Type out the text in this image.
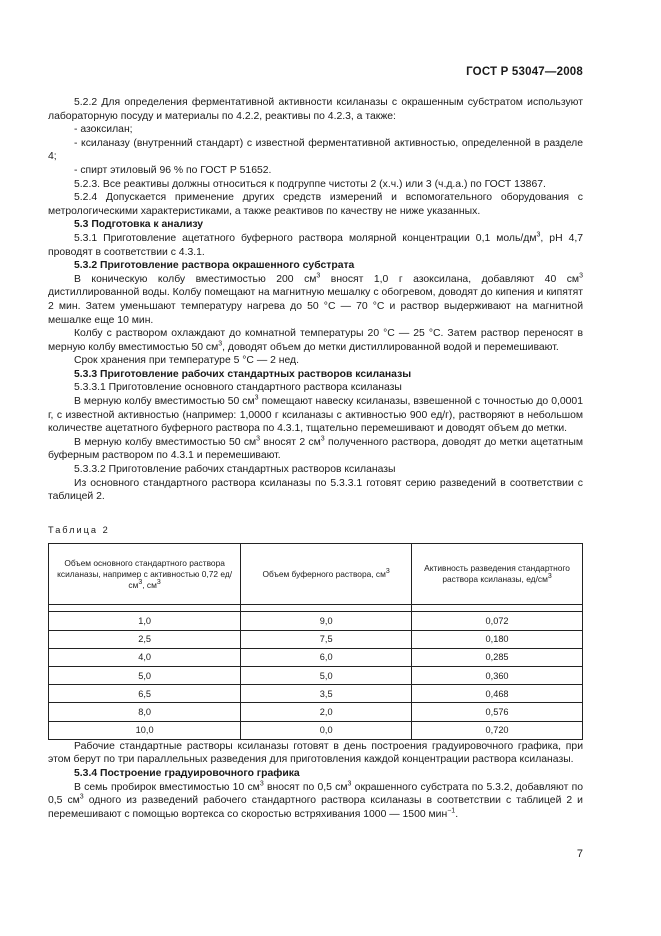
ГОСТ Р 53047—2008

5.2.2 Для определения ферментативной активности ксиланазы с окрашенным субстратом используют лабораторную посуду и материалы по 4.2.2, реактивы по 4.2.3, а также:

- азоксилан;

- ксиланазу (внутренний стандарт) с известной ферментативной активностью, определенной в разделе 4;

- спирт этиловый 96 % по ГОСТ Р 51652.

5.2.3. Все реактивы должны относиться к подгруппе чистоты 2 (х.ч.) или 3 (ч.д.а.) по ГОСТ 13867.

5.2.4 Допускается применение других средств измерений и вспомогательного оборудования с метрологическими характеристиками, а также реактивов по качеству не ниже указанных.

5.3 Подготовка к анализу

5.3.1 Приготовление ацетатного буферного раствора молярной концентрации 0,1 моль/$дм^3$, pH 4,7 проводят в соответствии с 4.3.1.

5.3.2 Приготовление раствора окрашенного субстрата

В коническую колбу вместимостью 200 $см^3$ вносят 1,0 г азоксилана, добавляют 40 $см^3$ дистиллированной воды. Колбу помещают на магнитную мешалку с обогревом, доводят до кипения и кипятят 2 мин. Затем уменьшают температуру нагрева до 50 °С — 70 °С и раствор выдерживают на магнитной мешалке еще 10 мин.

Колбу с раствором охлаждают до комнатной температуры 20 °С — 25 °С. Затем раствор переносят в мерную колбу вместимостью 50 $см^3$, доводят объем до метки дистиллированной водой и перемешивают.

Срок хранения при температуре 5 °С — 2 нед.

5.3.3 Приготовление рабочих стандартных растворов ксиланазы

5.3.3.1 Приготовление основного стандартного раствора ксиланазы

В мерную колбу вместимостью 50 $см^3$ помещают навеску ксиланазы, взвешенной с точностью до 0,0001 г, с известной активностью (например: 1,0000 г ксиланазы с активностью 900 ед/г), растворяют в небольшом количестве ацетатного буферного раствора по 4.3.1, тщательно перемешивают и доводят объем до метки.

В мерную колбу вместимостью 50 $см^3$ вносят 2 $см^3$ полученного раствора, доводят до метки ацетатным буферным раствором по 4.3.1 и перемешивают.

5.3.3.2 Приготовление рабочих стандартных растворов ксиланазы

Из основного стандартного раствора ксиланазы по 5.3.3.1 готовят серию разведений в соответствии с таблицей 2.

Таблица 2
Объем основного стандартного раствора ксиланазы, например с активностью 0,72 $ед/см^3$, $см^3$	Объем буферного раствора, $см^3$	Активность разведения стандартного раствора ксиланазы, $ед/см^3$

1,0	9,0	0,072
2,5	7,5	0,180
4,0	6,0	0,285
5,0	5,0	0,360
6,5	3,5	0,468
8,0	2,0	0,576
10,0	0,0	0,720

Рабочие стандартные растворы ксиланазы готовят в день построения градуировочного графика, при этом берут по три параллельных разведения для приготовления каждой концентрации раствора ксиланазы.

5.3.4 Построение градуировочного графика

В семь пробирок вместимостью 10 $см^3$ вносят по 0,5 $см^3$ окрашенного субстрата по 5.3.2, добавляют по 0,5 $см^3$ одного из разведений рабочего стандартного раствора ксиланазы в соответствии с таблицей 2 и перемешивают с помощью вортекса со скоростью встряхивания 1000 — 1500 мин$^{-1}$.

7
